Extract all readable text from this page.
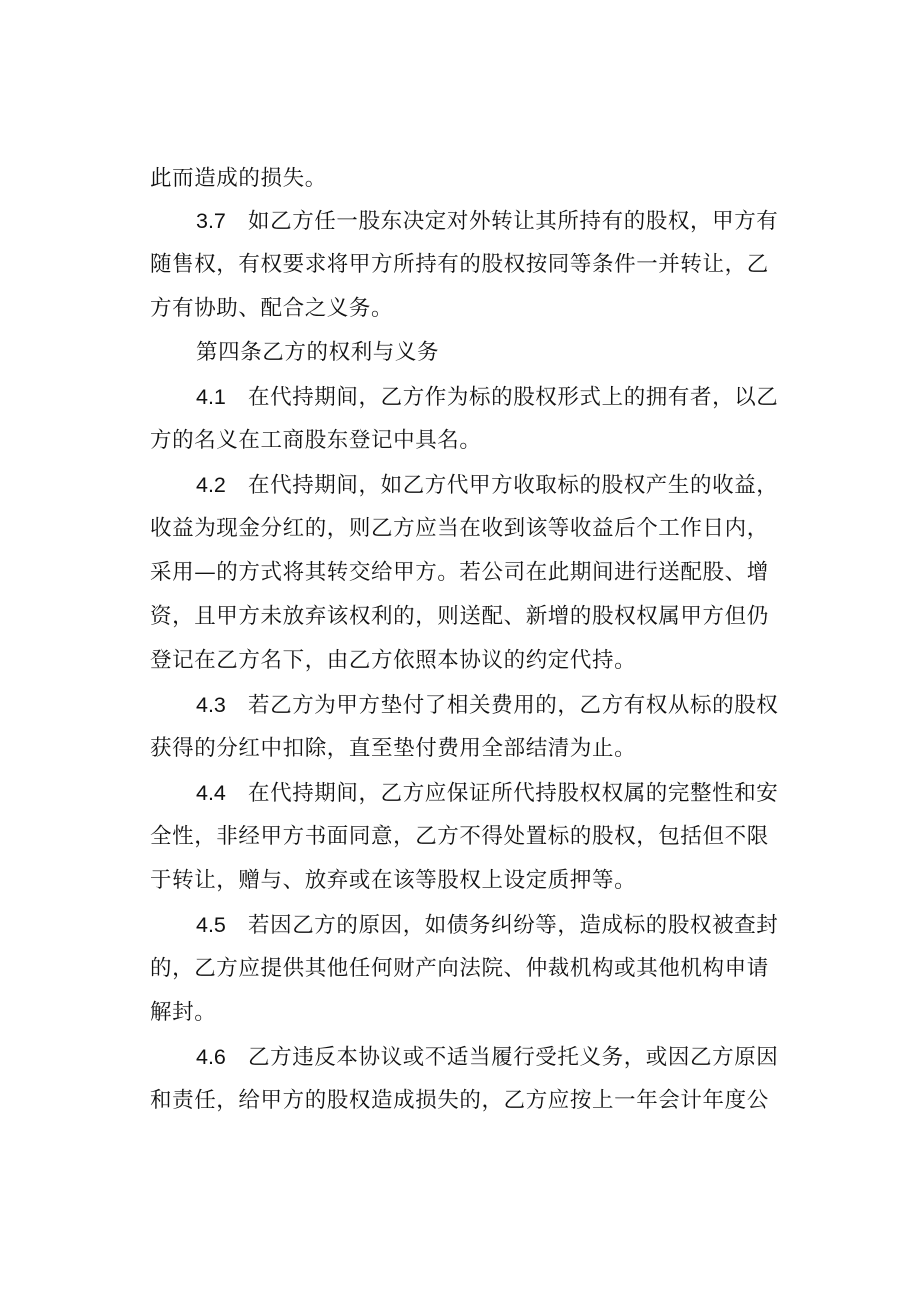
此而造成的损失。
3.7 如乙方任一股东决定对外转让其所持有的股权，甲方有
随售权，有权要求将甲方所持有的股权按同等条件一并转让，乙
方有协助、配合之义务。
第四条乙方的权利与义务
4.1 在代持期间，乙方作为标的股权形式上的拥有者，以乙
方的名义在工商股东登记中具名。
4.2 在代持期间，如乙方代甲方收取标的股权产生的收益，
收益为现金分红的，则乙方应当在收到该等收益后个工作日内，
采用—的方式将其转交给甲方。若公司在此期间进行送配股、增
资，且甲方未放弃该权利的，则送配、新增的股权权属甲方但仍
登记在乙方名下，由乙方依照本协议的约定代持。
4.3 若乙方为甲方垫付了相关费用的，乙方有权从标的股权
获得的分红中扣除，直至垫付费用全部结清为止。
4.4 在代持期间，乙方应保证所代持股权权属的完整性和安
全性，非经甲方书面同意，乙方不得处置标的股权，包括但不限
于转让，赠与、放弃或在该等股权上设定质押等。
4.5 若因乙方的原因，如债务纠纷等，造成标的股权被查封
的，乙方应提供其他任何财产向法院、仲裁机构或其他机构申请
解封。
4.6 乙方违反本协议或不适当履行受托义务，或因乙方原因
和责任，给甲方的股权造成损失的，乙方应按上一年会计年度公
